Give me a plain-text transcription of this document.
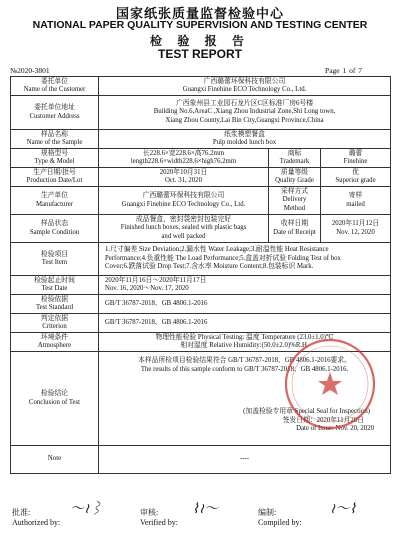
国家纸张质量监督检验中心
NATIONAL PAPER QUALITY SUPERVISION AND TESTING CENTER
检 验 报 告
TEST REPORT
№2020-3801	Page 1 of 7
委托单位
Name of the Customer	广西璐蕾环保科技有限公司
Guangxi Finehine ECO Technology Co., Ltd.		

委托单位地址
Customer Address	广西象州县工业园石龙片区C区标准厂房6号楼
Building No.6,AreaC ,Xiang Zhou Industrial Zone,Shi Long town,
Xiang Zhou County,Lai Bin City,Guangxi Province,China		

样品名称
Name of the Sample	纸浆模塑餐盒
Pulp molded lunch box		

规格型号
Type & Model	长228.6×宽228.6×高76.2mm
length228.6×width228.6×high76.2mm	商标
Trademark	璐蕾
Finehine

生产日期/批号
Production Date/Lot	2020年10月31日
Oct. 31, 2020	质量等级
Quality Grade	优
Superior grade

生产单位
Manufacturer	广西璐蕾环保科技有限公司
Guangxi Finehine ECO Technology Co., Ltd.	采样方式
Delivery
Method	寄样
mailed

样品状态
Sample Condition	成品餐盒，密封袋密封包装完好
Finished lunch boxes, sealed with plastic bags
and well packed	收样日期
Date of Receipt	2020年11月12日
Nov. 12, 2020

检验项目
Test Item	1.尺寸偏差 Size Deviation;2.漏水性 Water Leakage;3.耐温性能 Heat Resistance
Performance;4.负重性能 The Load Performance;5.盒盖对折试验 Folding Test of box
Cover;6.跌落试验 Drop Test;7.含水率 Moisture Content;8.包装标识 Mark.		

检验起止时间
Test Date	2020年11月16日～2020年11月17日
Nov. 16, 2020～Nov. 17, 2020		

检验依据
Test Standard	GB/T 36787-2018、GB 4806.1-2016		

判定依据
Criterion	GB/T 36787-2018、GB 4806.1-2016		

环境条件
Atmosphere	物理性能检验 Physical Testing: 温度 Temperature (23.0±1.0)℃
相对湿度 Relative Humidity:(50.0±2.0)%R.H.		

检验结论
Conclusion of Test	本样品所检项目检验结果符合 GB/T 36787-2018、GB 4806.1-2016要求。
The results of this sample conform to GB/T 36787-2018、GB 4806.1-2016.
(加盖检验专用章 Special Seal for Inspection)
签发日期：2020年11月20日
Date of Issue: Nov. 20, 2020		

Note	----		
批准:
Authorized by:
〜≀⌇	审核:
Verified by:
⌇≀〜	编制:
Compiled by:
≀〜⌇
